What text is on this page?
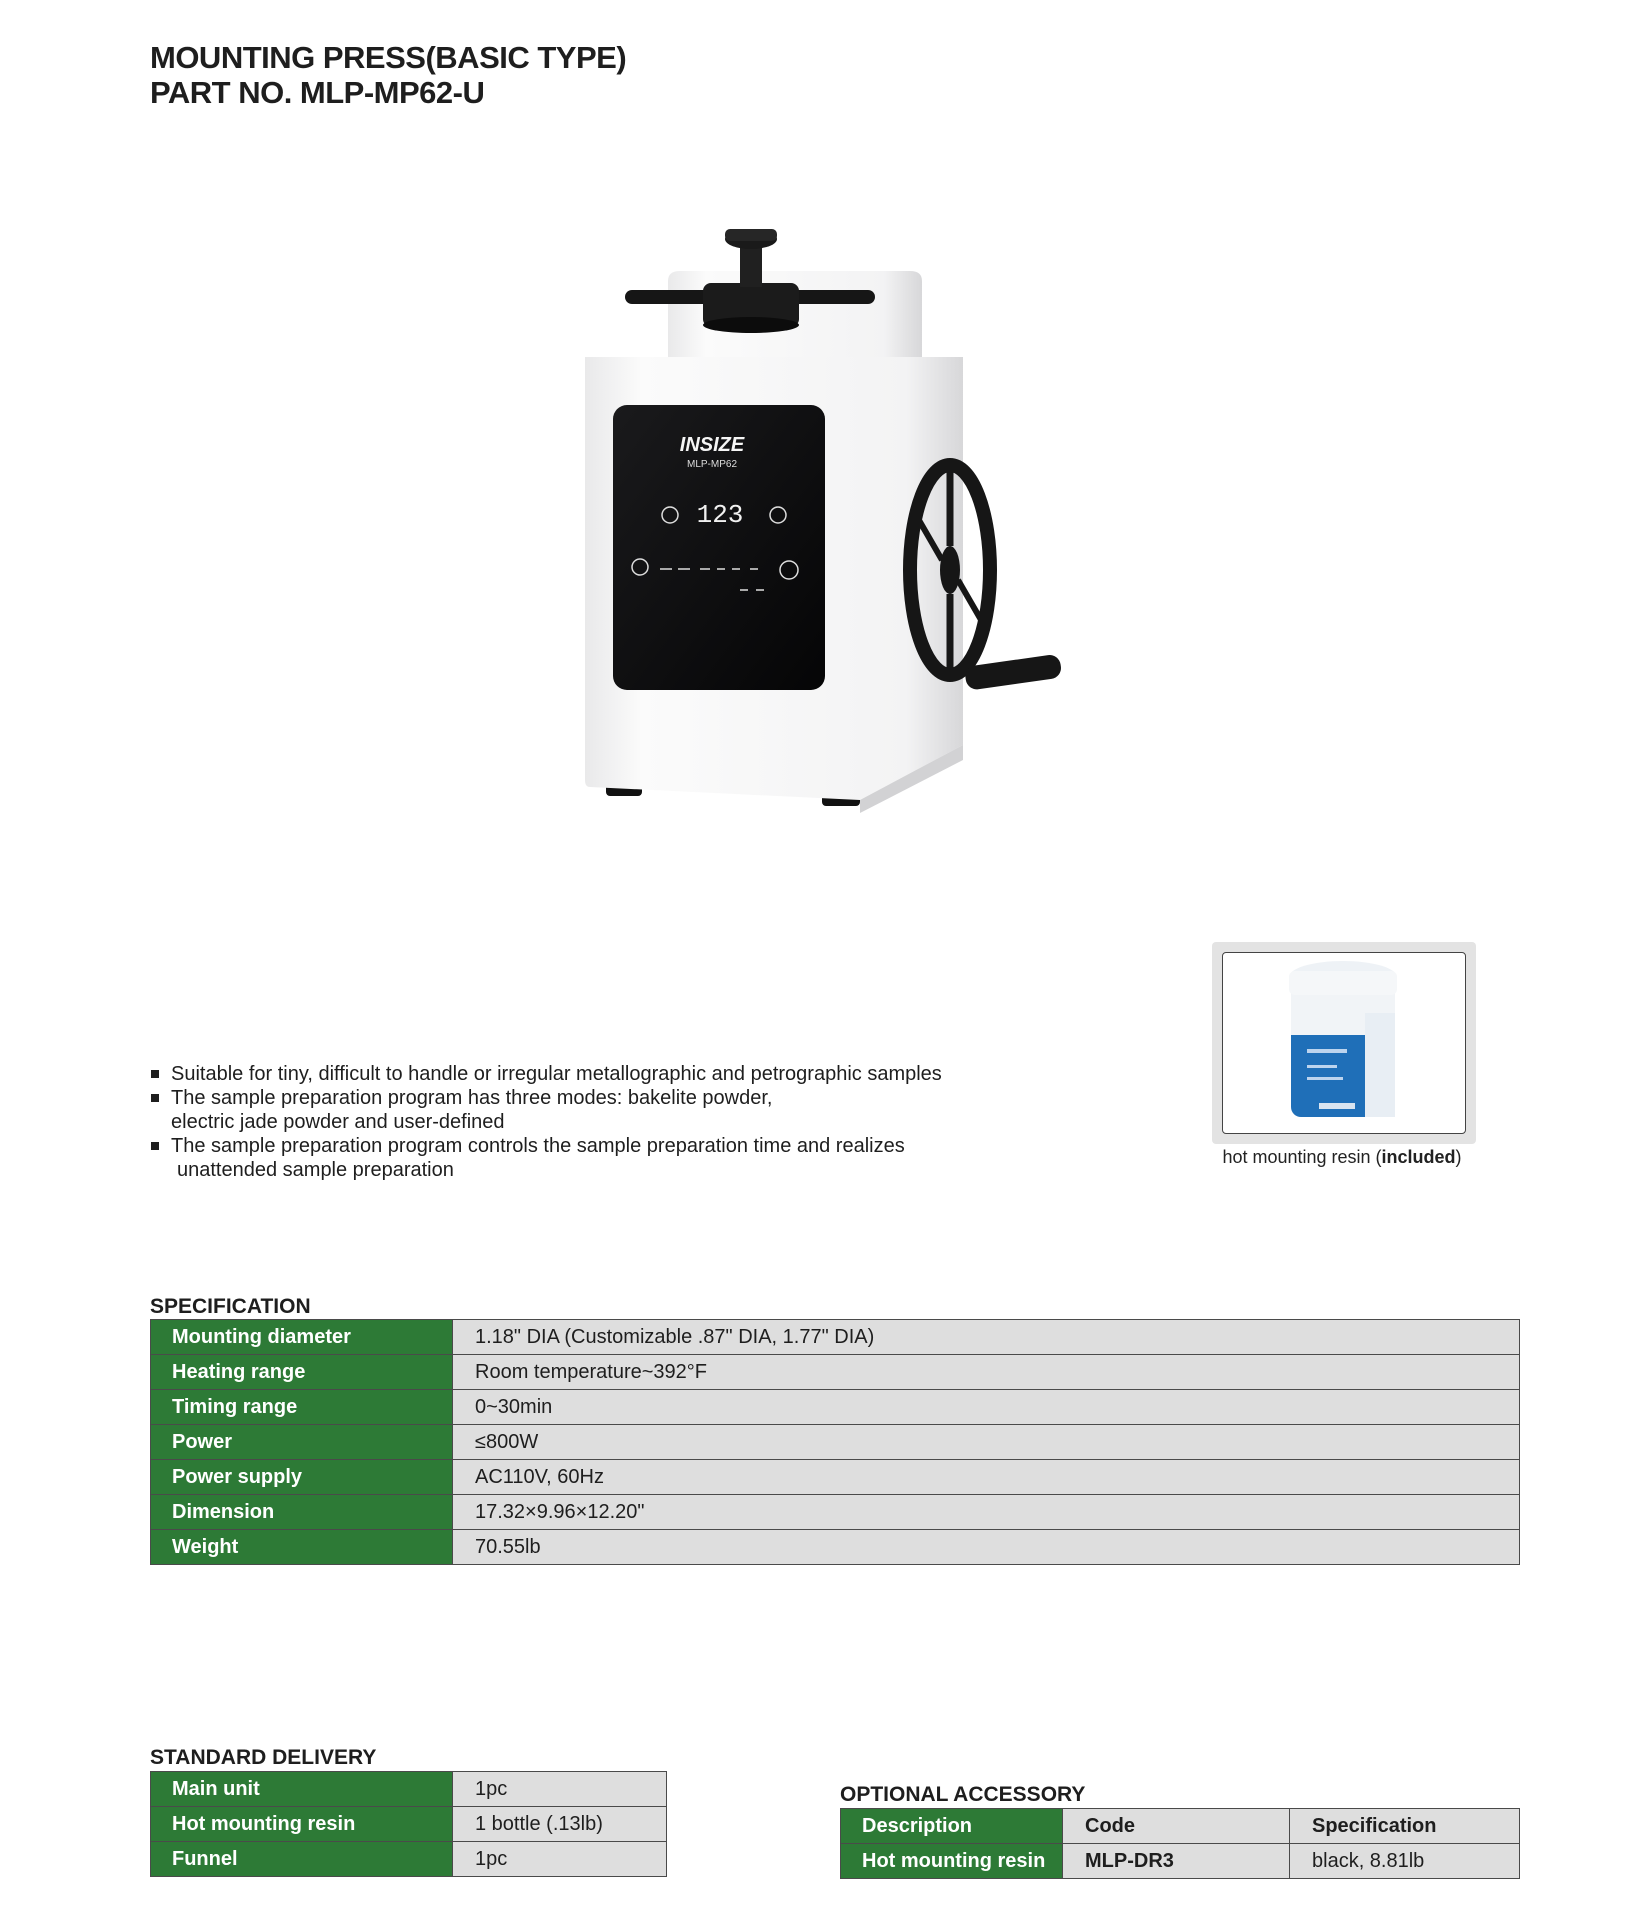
MOUNTING PRESS(BASIC TYPE)
PART NO. MLP-MP62-U
123
INSIZE
MLP-MP62
hot mounting resin (included)
Suitable for tiny, difficult to handle or irregular metallographic and petrographic samples
The sample preparation program has three modes: bakelite powder,
electric jade powder and user-defined
The sample preparation program controls the sample preparation time and realizes
unattended sample preparation
SPECIFICATION
Mounting diameter	1.18" DIA (Customizable .87" DIA, 1.77" DIA)
Heating range	Room temperature~392°F
Timing range	0~30min
Power	≤800W
Power supply	AC110V, 60Hz
Dimension	17.32×9.96×12.20"
Weight	70.55lb
STANDARD DELIVERY
Main unit	1pc
Hot mounting resin	1 bottle (.13lb)
Funnel	1pc
OPTIONAL ACCESSORY
Description	Code	Specification
Hot mounting resin	MLP-DR3	black, 8.81lb
